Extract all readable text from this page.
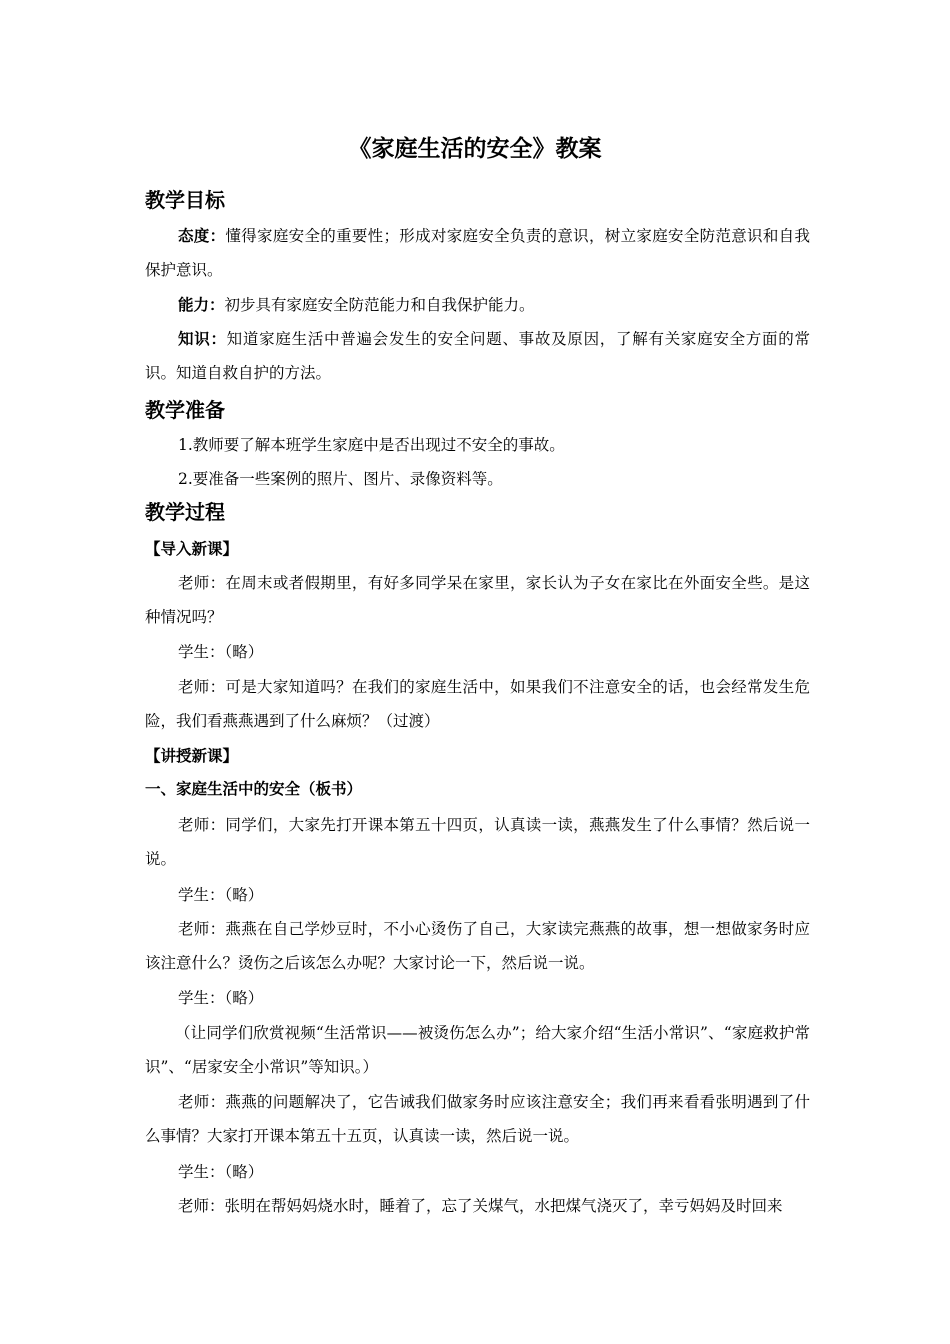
《家庭生活的安全》教案
教学目标

态度：懂得家庭安全的重要性；形成对家庭安全负责的意识，树立家庭安全防范意识和自我保护意识。

能力：初步具有家庭安全防范能力和自我保护能力。

知识：知道家庭生活中普遍会发生的安全问题、事故及原因，了解有关家庭安全方面的常识。知道自救自护的方法。

教学准备

1.教师要了解本班学生家庭中是否出现过不安全的事故。

2.要准备一些案例的照片、图片、录像资料等。

教学过程
【导入新课】

老师：在周末或者假期里，有好多同学呆在家里，家长认为子女在家比在外面安全些。是这种情况吗？

学生：（略）

老师：可是大家知道吗？在我们的家庭生活中，如果我们不注意安全的话，也会经常发生危险，我们看燕燕遇到了什么麻烦？（过渡）

【讲授新课】
一、家庭生活中的安全（板书）

老师：同学们，大家先打开课本第五十四页，认真读一读，燕燕发生了什么事情？然后说一说。

学生：（略）

老师：燕燕在自己学炒豆时，不小心烫伤了自己，大家读完燕燕的故事，想一想做家务时应该注意什么？烫伤之后该怎么办呢？大家讨论一下，然后说一说。

学生：（略）

（让同学们欣赏视频“生活常识——被烫伤怎么办”；给大家介绍“生活小常识”、“家庭救护常识”、“居家安全小常识”等知识。）

老师：燕燕的问题解决了，它告诫我们做家务时应该注意安全；我们再来看看张明遇到了什么事情？大家打开课本第五十五页，认真读一读，然后说一说。

学生：（略）

老师：张明在帮妈妈烧水时，睡着了，忘了关煤气，水把煤气浇灭了，幸亏妈妈及时回来
